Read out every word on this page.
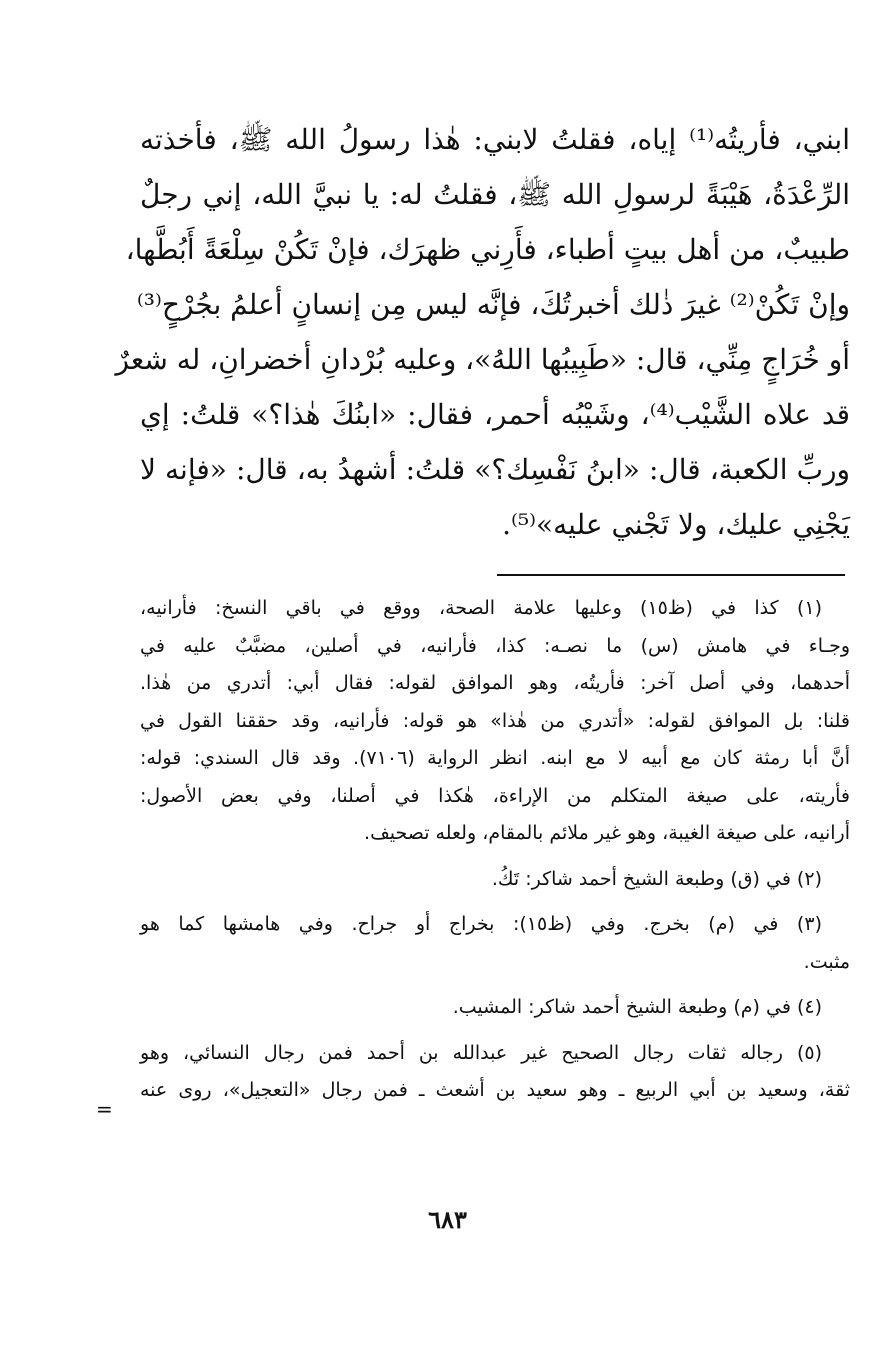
ابني، فأريتُه⁽¹⁾ إياه، فقلتُ لابني: هٰذا رسولُ الله ﷺ، فأخذته
الرِّعْدَةُ، هَيْبَةً لرسولِ الله ﷺ، فقلتُ له: يا نبيَّ الله، إني رجلٌ
طبيبٌ، من أهل بيتٍ أطباء، فأَرِني ظهرَك، فإنْ تَكُنْ سِلْعَةً أَبُطَّها،
وإنْ تَكُنْ⁽²⁾ غيرَ ذٰلك أخبرتُكَ، فإنَّه ليس مِن إنسانٍ أعلمُ بجُرْحٍ⁽³⁾
أو خُرَاجٍ مِنِّي، قال: «طَبِيبُها اللهُ»، وعليه بُرْدانِ أخضرانِ، له شعرٌ
قد علاه الشَّيْب⁽⁴⁾، وشَيْبُه أحمر، فقال: «ابنُكَ هٰذا؟» قلتُ: إي
وربِّ الكعبة، قال: «ابنُ نَفْسِك؟» قلتُ: أشهدُ به، قال: «فإنه لا
يَجْنِي عليك، ولا تَجْني عليه»⁽⁵⁾.
(١) كذا في (ظ١٥) وعليها علامة الصحة، ووقع في باقي النسخ: فأرانيه،
وجـاء في هامش (س) ما نصـه: كذا، فأرانيه، في أصلين، مضبَّبٌ عليه في
أحدهما، وفي أصل آخر: فأريتُه، وهو الموافق لقوله: فقال أبي: أتدري من هٰذا.
قلنا: بل الموافق لقوله: «أتدري من هٰذا» هو قوله: فأرانيه، وقد حققنا القول في
أنَّ أبا رمثة كان مع أبيه لا مع ابنه. انظر الرواية (٧١٠٦). وقد قال السندي: قوله:
فأريته، على صيغة المتكلم من الإراءة، هٰكذا في أصلنا، وفي بعض الأصول:
أرانيه، على صيغة الغيبة، وهو غير ملائم بالمقام، ولعله تصحيف.
(٢) في (ق) وطبعة الشيخ أحمد شاكر: تَكُ.
(٣) في (م) بخرج. وفي (ظ١٥): بخراج أو جراح. وفي هامشها كما هو
مثبت.
(٤) في (م) وطبعة الشيخ أحمد شاكر: المشيب.
(٥) رجاله ثقات رجال الصحيح غير عبدالله بن أحمد فمن رجال النسائي، وهو
ثقة، وسعيد بن أبي الربيع ـ وهو سعيد بن أشعث ـ فمن رجال «التعجيل»، روى عنه
=
٦٨٣
